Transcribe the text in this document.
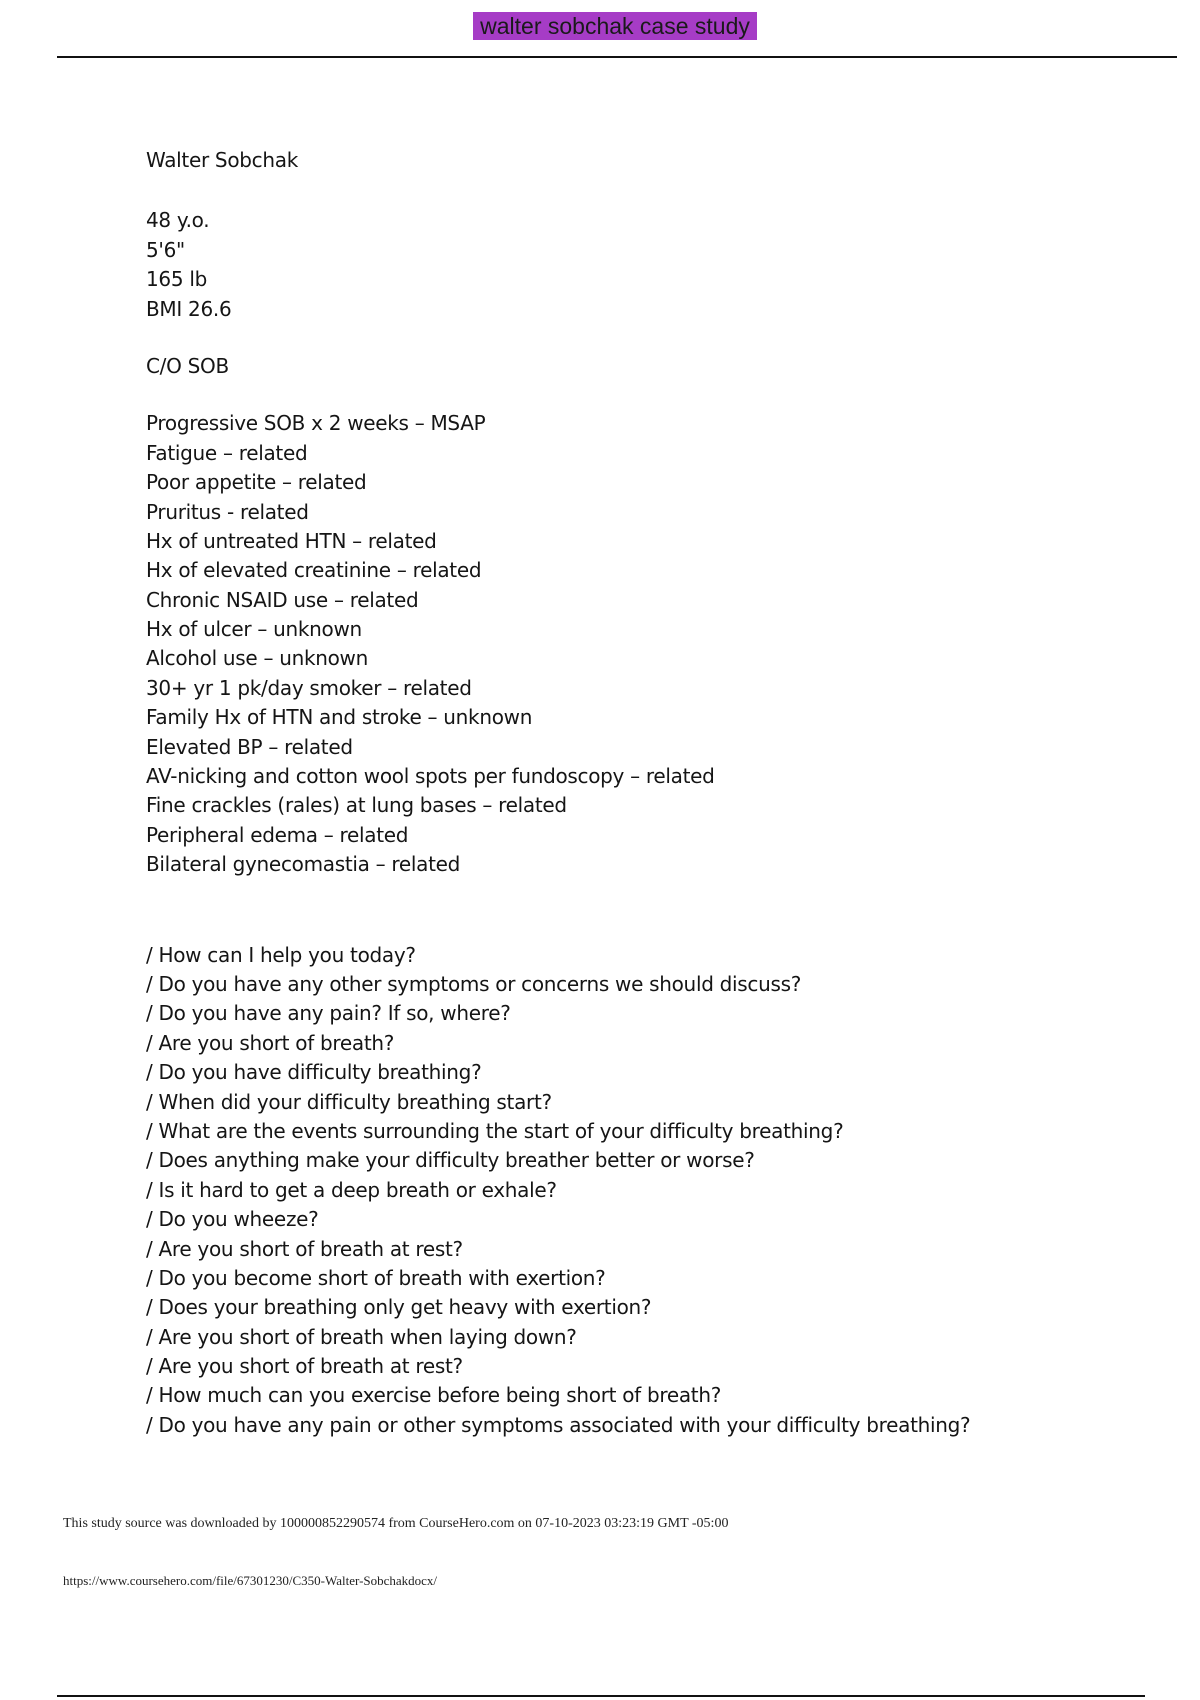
walter sobchak case study
Walter Sobchak
48 y.o.
5'6"
165 lb
BMI 26.6
C/O SOB
Progressive SOB x 2 weeks – MSAP
Fatigue – related
Poor appetite – related
Pruritus - related
Hx of untreated HTN – related
Hx of elevated creatinine – related
Chronic NSAID use – related
Hx of ulcer – unknown
Alcohol use – unknown
30+ yr 1 pk/day smoker – related
Family Hx of HTN and stroke – unknown
Elevated BP – related
AV-nicking and cotton wool spots per fundoscopy – related
Fine crackles (rales) at lung bases – related
Peripheral edema – related
Bilateral gynecomastia – related
/ How can I help you today?
/ Do you have any other symptoms or concerns we should discuss?
/ Do you have any pain? If so, where?
/ Are you short of breath?
/ Do you have difficulty breathing?
/ When did your difficulty breathing start?
/ What are the events surrounding the start of your difficulty breathing?
/ Does anything make your difficulty breather better or worse?
/ Is it hard to get a deep breath or exhale?
/ Do you wheeze?
/ Are you short of breath at rest?
/ Do you become short of breath with exertion?
/ Does your breathing only get heavy with exertion?
/ Are you short of breath when laying down?
/ Are you short of breath at rest?
/ How much can you exercise before being short of breath?
/ Do you have any pain or other symptoms associated with your difficulty breathing?
This study source was downloaded by 100000852290574 from CourseHero.com on 07-10-2023 03:23:19 GMT -05:00
https://www.coursehero.com/file/67301230/C350-Walter-Sobchakdocx/
